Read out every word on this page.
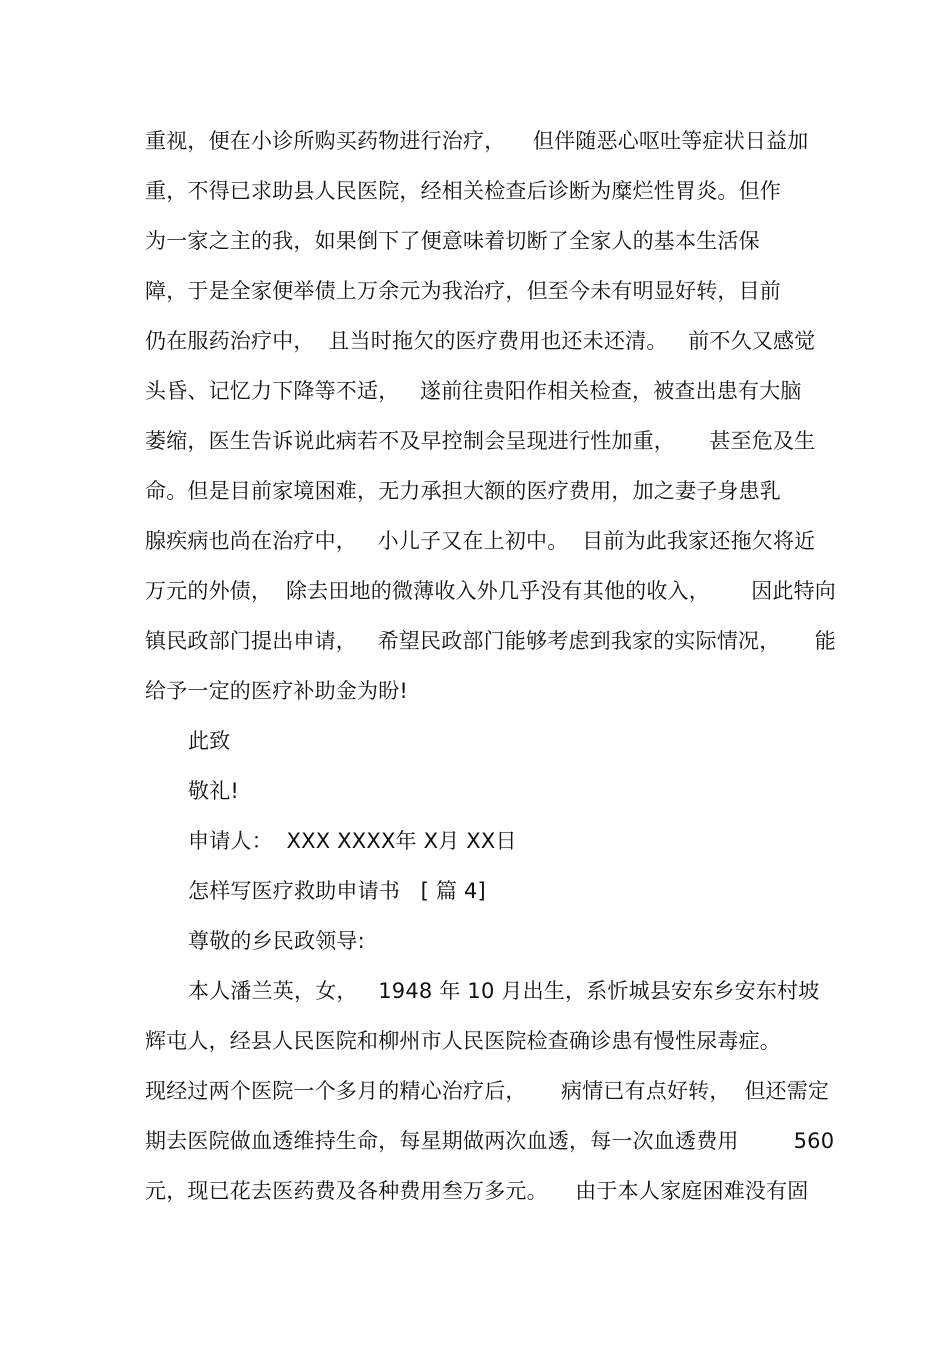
重视，便在小诊所购买药物进行治疗，    但伴随恶心呕吐等症状日益加
重，不得已求助县人民医院，经相关检查后诊断为糜烂性胃炎。但作
为一家之主的我，如果倒下了便意味着切断了全家人的基本生活保
障，于是全家便举债上万余元为我治疗，但至今未有明显好转，目前
仍在服药治疗中，  且当时拖欠的医疗费用也还未还清。   前不久又感觉
头昏、记忆力下降等不适，   遂前往贵阳作相关检查，被查出患有大脑
萎缩，医生告诉说此病若不及早控制会呈现进行性加重，     甚至危及生
命。但是目前家境困难，无力承担大额的医疗费用，加之妻子身患乳
腺疾病也尚在治疗中，   小儿子又在上初中。  目前为此我家还拖欠将近
万元的外债，  除去田地的微薄收入外几乎没有其他的收入，      因此特向
镇民政部门提出申请，   希望民政部门能够考虑到我家的实际情况，     能
给予一定的医疗补助金为盼!
此致
敬礼!
申请人：  XXX XXXX年 X月 XX日
怎样写医疗救助申请书   [ 篇 4]
尊敬的乡民政领导:
本人潘兰英，女，   1948 年 10 月出生，系忻城县安东乡安东村坡
辉屯人，经县人民医院和柳州市人民医院检查确诊患有慢性尿毒症。
现经过两个医院一个多月的精心治疗后，     病情已有点好转，  但还需定
期去医院做血透维持生命，每星期做两次血透，每一次血透费用        560
元，现已花去医药费及各种费用叁万多元。    由于本人家庭困难没有固
